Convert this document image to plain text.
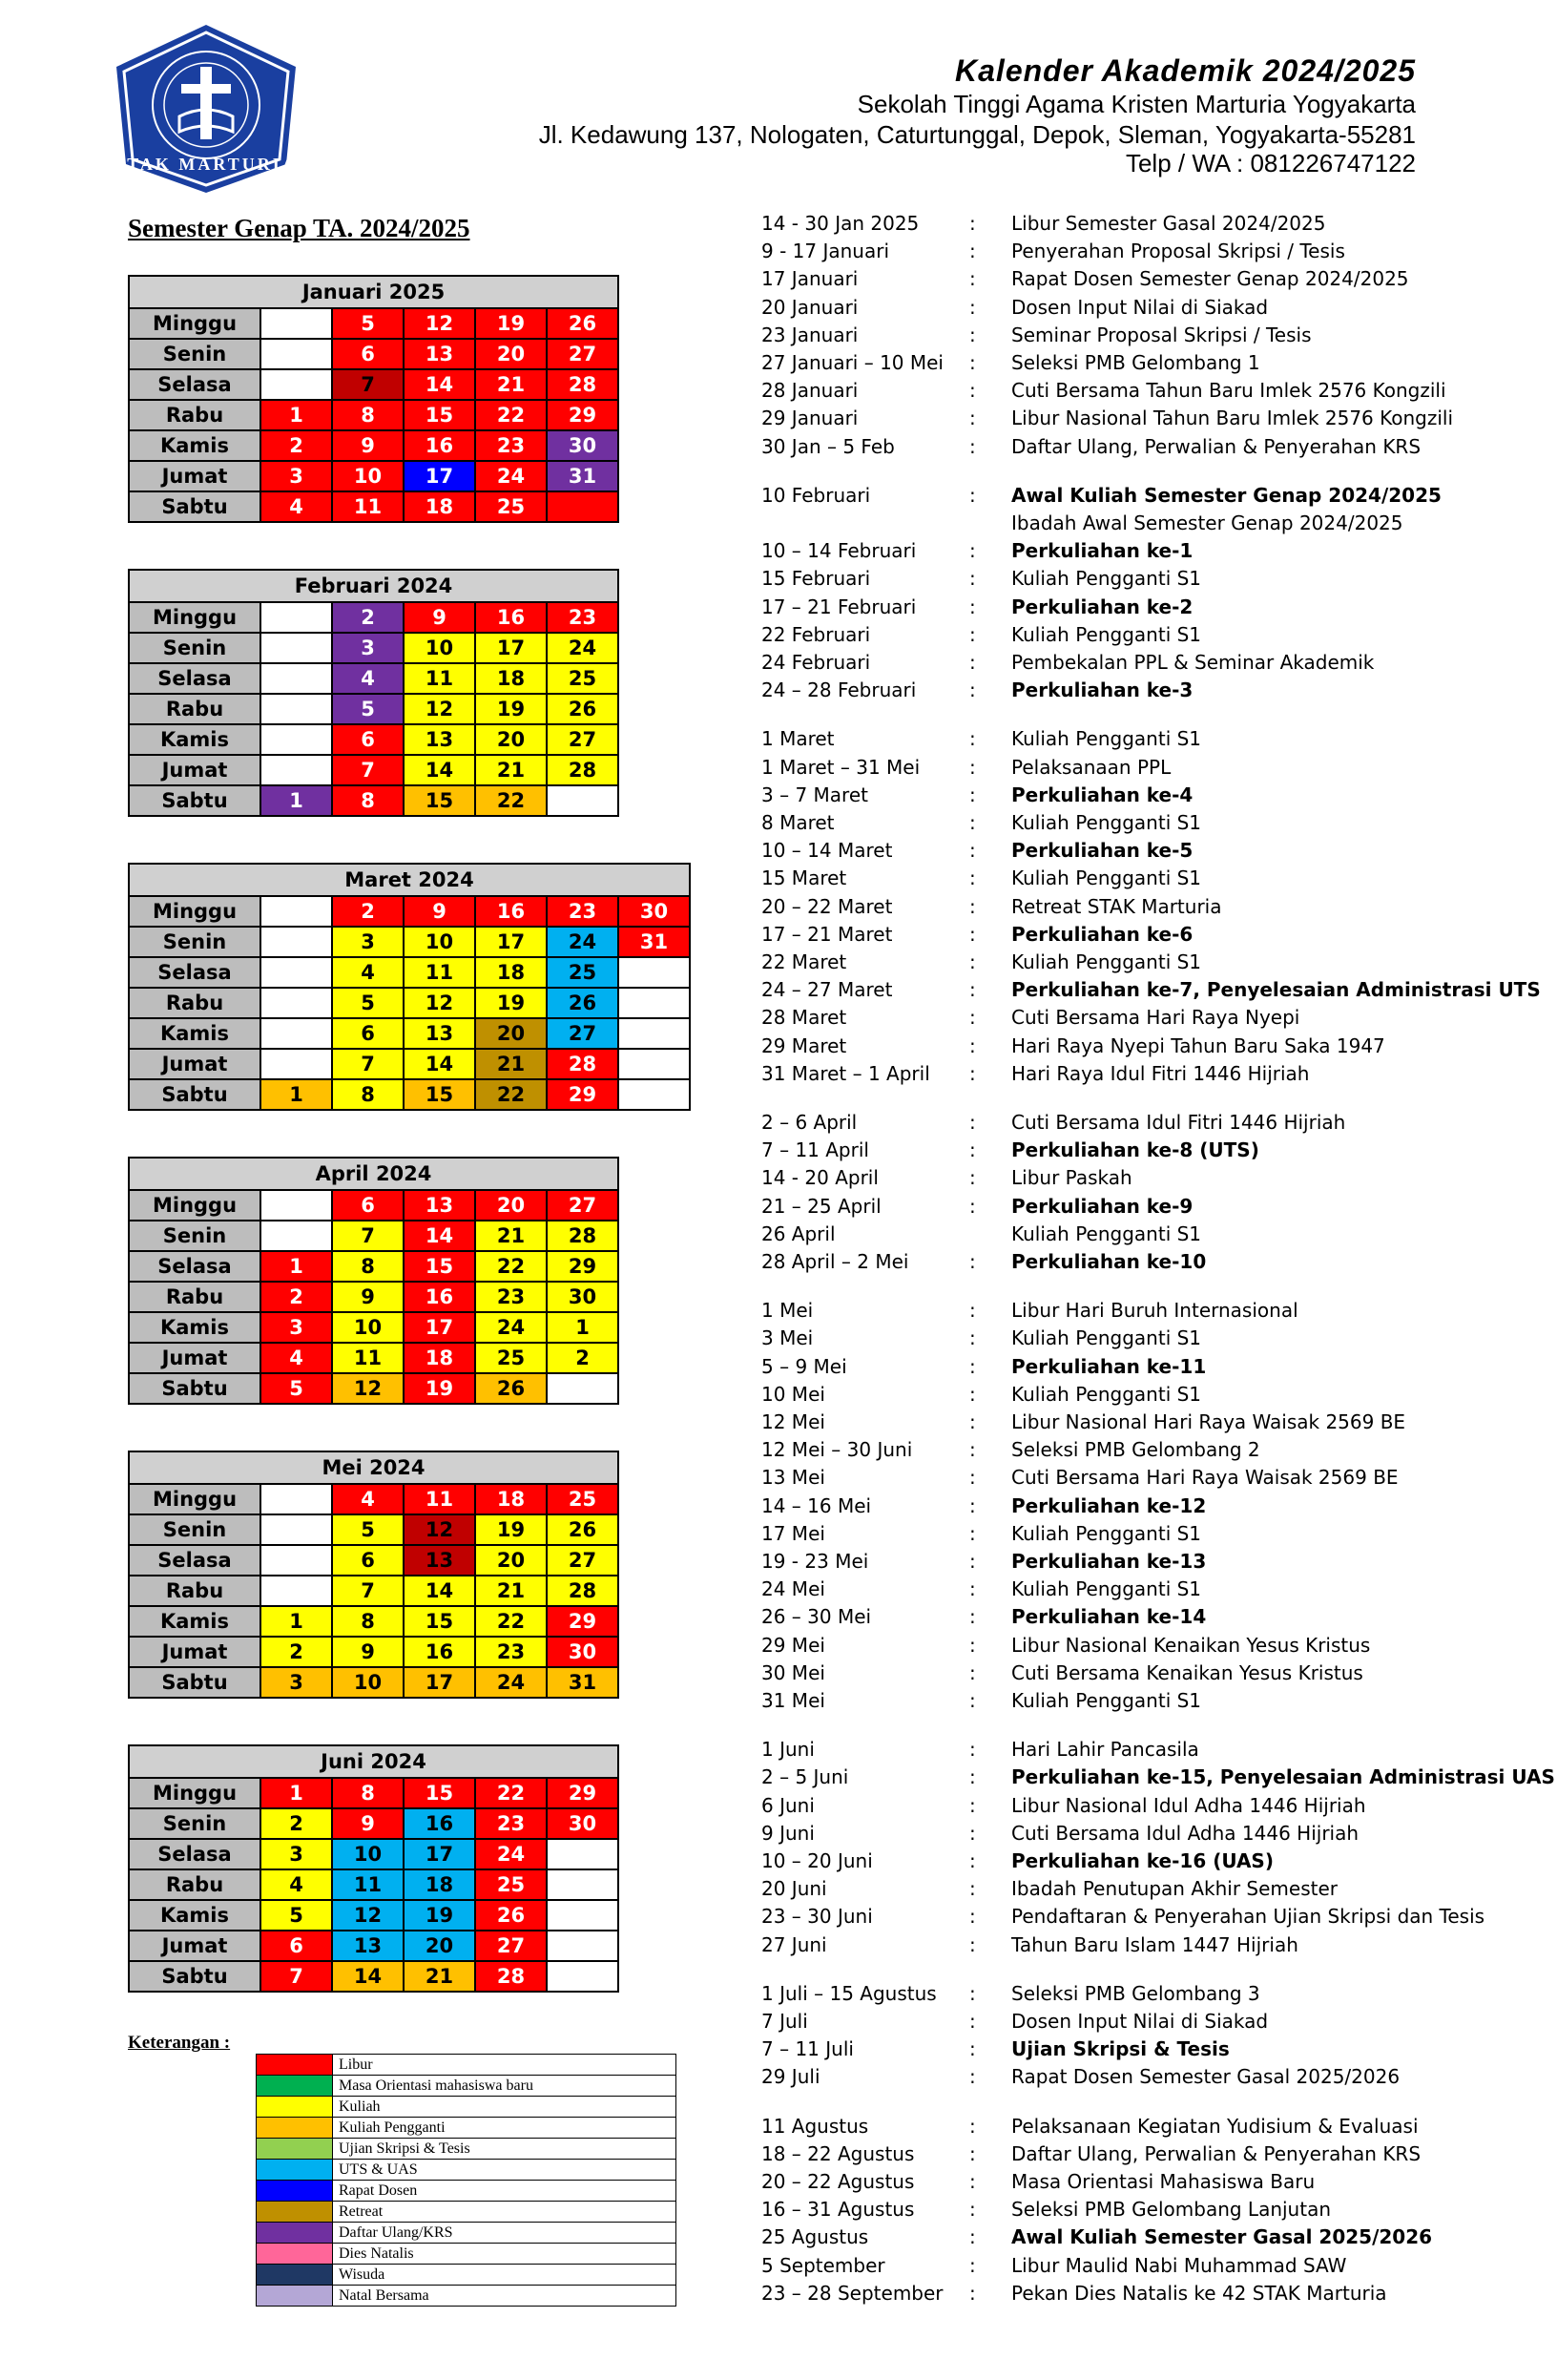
STAK MARTURIA
Kalender Akademik 2024/2025
Sekolah Tinggi Agama Kristen Marturia Yogyakarta
Jl. Kedawung 137, Nologaten, Caturtunggal, Depok, Sleman, Yogyakarta-55281
Telp / WA : 081226747122
Semester Genap TA. 2024/2025
Januari 2025					
Minggu		5	12	19	26
Senin		6	13	20	27
Selasa		7	14	21	28
Rabu	1	8	15	22	29
Kamis	2	9	16	23	30
Jumat	3	10	17	24	31
Sabtu	4	11	18	25	
Februari 2024					
Minggu		2	9	16	23
Senin		3	10	17	24
Selasa		4	11	18	25
Rabu		5	12	19	26
Kamis		6	13	20	27
Jumat		7	14	21	28
Sabtu	1	8	15	22	
Maret 2024						
Minggu		2	9	16	23	30
Senin		3	10	17	24	31
Selasa		4	11	18	25	
Rabu		5	12	19	26	
Kamis		6	13	20	27	
Jumat		7	14	21	28	
Sabtu	1	8	15	22	29	
April 2024					
Minggu		6	13	20	27
Senin		7	14	21	28
Selasa	1	8	15	22	29
Rabu	2	9	16	23	30
Kamis	3	10	17	24	1
Jumat	4	11	18	25	2
Sabtu	5	12	19	26	
Mei 2024					
Minggu		4	11	18	25
Senin		5	12	19	26
Selasa		6	13	20	27
Rabu		7	14	21	28
Kamis	1	8	15	22	29
Jumat	2	9	16	23	30
Sabtu	3	10	17	24	31
Juni 2024					
Minggu	1	8	15	22	29
Senin	2	9	16	23	30
Selasa	3	10	17	24	
Rabu	4	11	18	25	
Kamis	5	12	19	26	
Jumat	6	13	20	27	
Sabtu	7	14	21	28	
Keterangan :
	Libur
	Masa Orientasi mahasiswa baru
	Kuliah
	Kuliah Pengganti
	Ujian Skripsi & Tesis
	UTS & UAS
	Rapat Dosen
	Retreat
	Daftar Ulang/KRS
	Dies Natalis
	Wisuda
	Natal Bersama
14 - 30 Jan 2025	: Libur Semester Gasal 2024/2025
9 - 17 Januari	: Penyerahan Proposal Skripsi / Tesis
17 Januari	: Rapat Dosen Semester Genap 2024/2025
20 Januari	: Dosen Input Nilai di Siakad
23 Januari	: Seminar Proposal Skripsi / Tesis
27 Januari – 10 Mei : Seleksi PMB Gelombang 1
28 Januari	: Cuti Bersama Tahun Baru Imlek 2576 Kongzili
29 Januari	: Libur Nasional Tahun Baru Imlek 2576 Kongzili
30 Jan – 5 Feb	: Daftar Ulang, Perwalian & Penyerahan KRS
10 Februari	: Awal Kuliah Semester Genap 2024/2025
Ibadah Awal Semester Genap 2024/2025
10 – 14 Februari	: Perkuliahan ke-1
15 Februari	: Kuliah Pengganti S1
17 – 21 Februari	: Perkuliahan ke-2
22 Februari	: Kuliah Pengganti S1
24 Februari	: Pembekalan PPL & Seminar Akademik
24 – 28 Februari	: Perkuliahan ke-3
1 Maret	: Kuliah Pengganti S1
1 Maret – 31 Mei	: Pelaksanaan PPL
3 – 7 Maret	: Perkuliahan ke-4
8 Maret	: Kuliah Pengganti S1
10 – 14 Maret	: Perkuliahan ke-5
15 Maret	: Kuliah Pengganti S1
20 – 22 Maret	: Retreat STAK Marturia
17 – 21 Maret	: Perkuliahan ke-6
22 Maret	: Kuliah Pengganti S1
24 – 27 Maret	: Perkuliahan ke-7, Penyelesaian Administrasi UTS
28 Maret	: Cuti Bersama Hari Raya Nyepi
29 Maret	: Hari Raya Nyepi Tahun Baru Saka 1947
31 Maret – 1 April : Hari Raya Idul Fitri 1446 Hijriah
2 – 6 April	: Cuti Bersama Idul Fitri 1446 Hijriah
7 – 11 April	: Perkuliahan ke-8 (UTS)
14 - 20 April	: Libur Paskah
21 – 25 April	: Perkuliahan ke-9
26 April	Kuliah Pengganti S1
28 April – 2 Mei	: Perkuliahan ke-10
1 Mei	: Libur Hari Buruh Internasional
3 Mei	: Kuliah Pengganti S1
5 – 9 Mei	: Perkuliahan ke-11
10 Mei	: Kuliah Pengganti S1
12 Mei	: Libur Nasional Hari Raya Waisak 2569 BE
12 Mei – 30 Juni	: Seleksi PMB Gelombang 2
13 Mei	: Cuti Bersama Hari Raya Waisak 2569 BE
14 – 16 Mei	: Perkuliahan ke-12
17 Mei	: Kuliah Pengganti S1
19 - 23 Mei	: Perkuliahan ke-13
24 Mei	: Kuliah Pengganti S1
26 – 30 Mei	: Perkuliahan ke-14
29 Mei	: Libur Nasional Kenaikan Yesus Kristus
30 Mei	: Cuti Bersama Kenaikan Yesus Kristus
31 Mei	: Kuliah Pengganti S1
1 Juni	: Hari Lahir Pancasila
2 – 5 Juni	: Perkuliahan ke-15, Penyelesaian Administrasi UAS
6 Juni	: Libur Nasional Idul Adha 1446 Hijriah
9 Juni	: Cuti Bersama Idul Adha 1446 Hijriah
10 – 20 Juni	: Perkuliahan ke-16 (UAS)
20 Juni	: Ibadah Penutupan Akhir Semester
23 – 30 Juni	: Pendaftaran & Penyerahan Ujian Skripsi dan Tesis
27 Juni	: Tahun Baru Islam 1447 Hijriah
1 Juli – 15 Agustus : Seleksi PMB Gelombang 3
7 Juli	: Dosen Input Nilai di Siakad
7 – 11 Juli	: Ujian Skripsi & Tesis
29 Juli	: Rapat Dosen Semester Gasal 2025/2026
11 Agustus	: Pelaksanaan Kegiatan Yudisium & Evaluasi
18 – 22 Agustus	: Daftar Ulang, Perwalian & Penyerahan KRS
20 – 22 Agustus	: Masa Orientasi Mahasiswa Baru
16 – 31 Agustus	: Seleksi PMB Gelombang Lanjutan
25 Agustus	: Awal Kuliah Semester Gasal 2025/2026
5 September	: Libur Maulid Nabi Muhammad SAW
23 – 28 September : Pekan Dies Natalis ke 42 STAK Marturia
